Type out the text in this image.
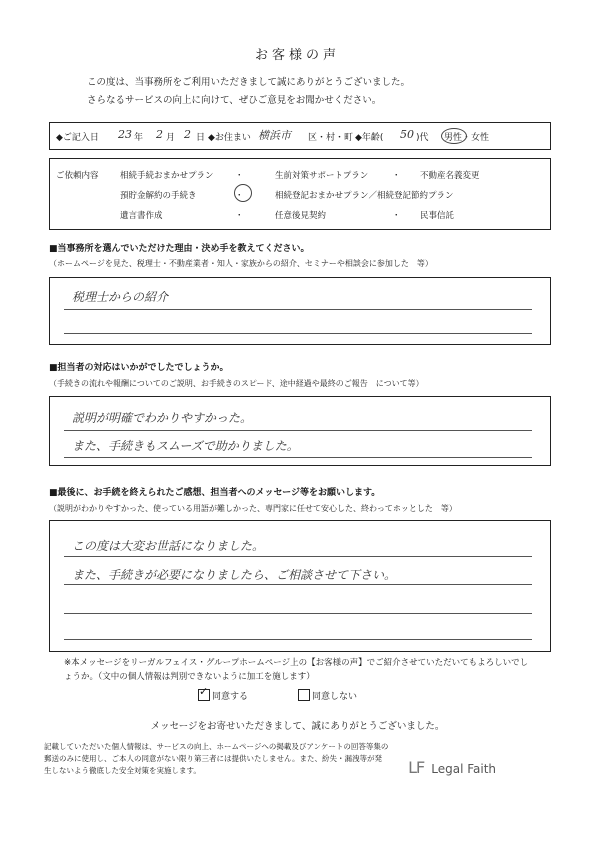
お客様の声
この度は、当事務所をご利用いただきまして誠にありがとうございました。
さらなるサービスの向上に向けて、ぜひご意見をお聞かせください。
◆ご記入日 23 年 2 月 2 日 ◆お住まい 横浜市 区・村・町 ◆年齢( 50 )代 男性・女性
ご依頼内容	相続手続おまかせプラン	・	生前対策サポートプラン	・ 不動産名義変更
預貯金解約の手続き	・	相続登記おまかせプラン／相続登記節約プラン
遺言書作成	・	任意後見契約	・ 民事信託
■当事務所を選んでいただけた理由・決め手を教えてください。
（ホームページを見た、税理士・不動産業者・知人・家族からの紹介、セミナーや相談会に参加した　等）
税理士からの紹介
■担当者の対応はいかがでしたでしょうか。
（手続きの流れや報酬についてのご説明、お手続きのスピード、途中経過や最終のご報告　について等）
説明が明確でわかりやすかった。
また、手続きもスムーズで助かりました。
■最後に、お手続を終えられたご感想、担当者へのメッセージ等をお願いします。
（説明がわかりやすかった、使っている用語が難しかった、専門家に任せて安心した、終わってホッとした　等）
この度は大変お世話になりました。
また、手続きが必要になりましたら、ご相談させて下さい。
※本メッセージをリーガルフェイス・グループホームページ上の【お客様の声】でご紹介させていただいてもよろしいでしょうか。（文中の個人情報は判別できないように加工を施します）
✓ 同意する	同意しない
メッセージをお寄せいただきまして、誠にありがとうございました。
記載していただいた個人情報は、サービスの向上、ホームページへの掲載及びアンケートの回答等集の郵送のみに使用し、ご本人の同意がない限り第三者には提供いたしません。また、紛失・漏洩等が発生しないよう徹底した安全対策を実施します。	LF Legal Faith
